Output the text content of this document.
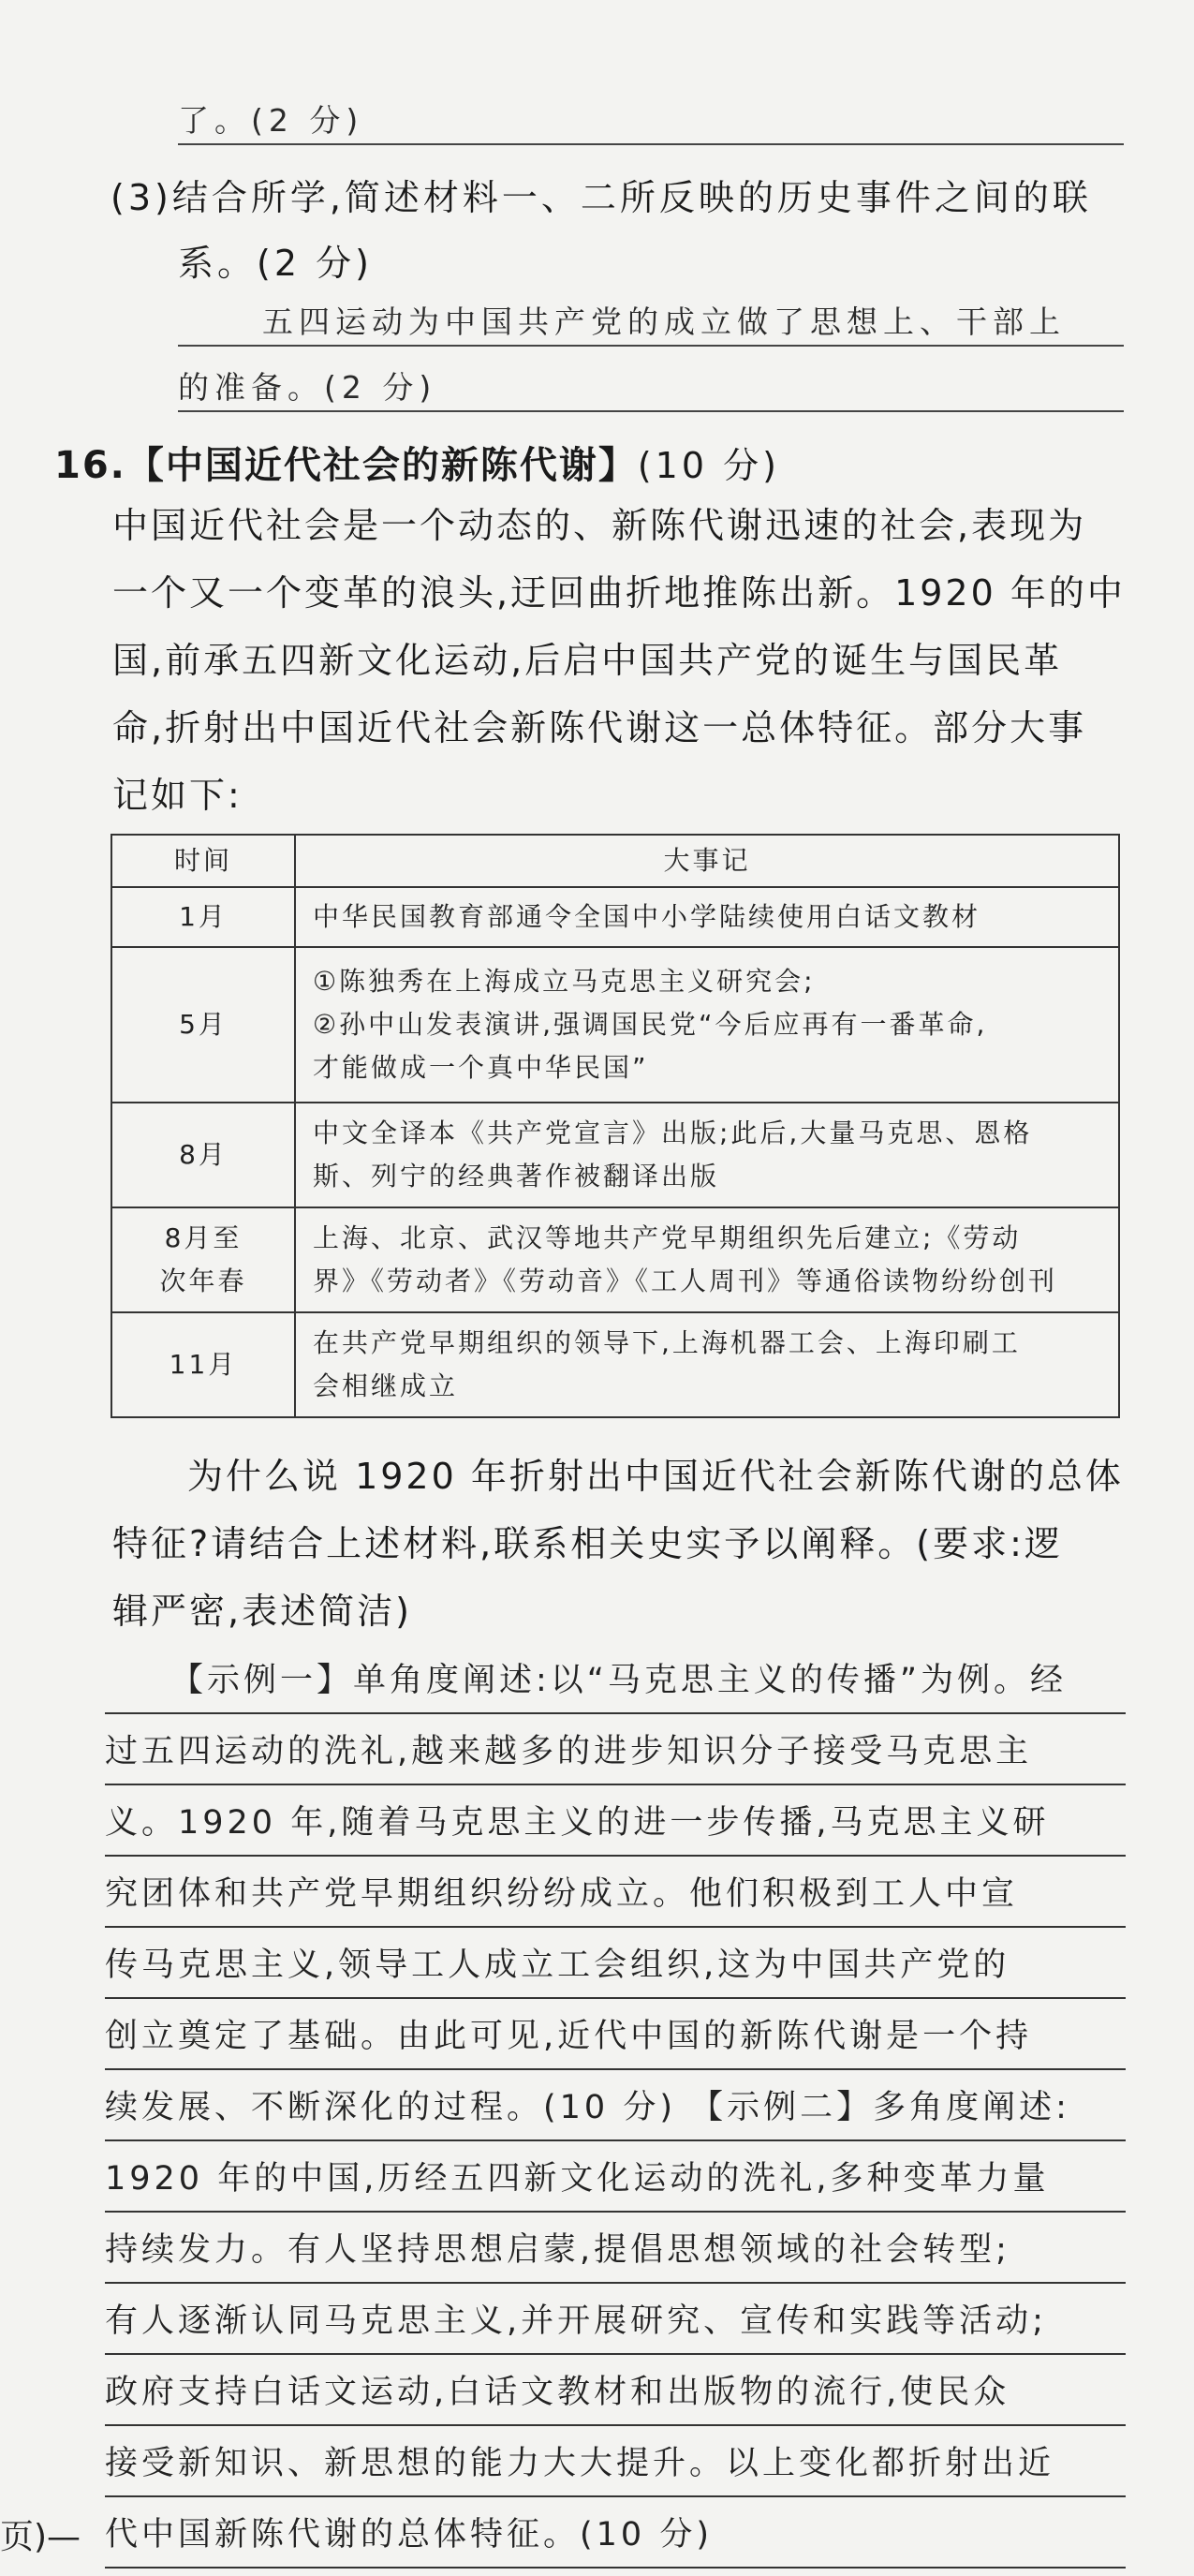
了。(2 分)
(3)结合所学,简述材料一、二所反映的历史事件之间的联
系。(2 分)
五四运动为中国共产党的成立做了思想上、干部上
的准备。(2 分)
16.【中国近代社会的新陈代谢】(10 分)
中国近代社会是一个动态的、新陈代谢迅速的社会,表现为
一个又一个变革的浪头,迂回曲折地推陈出新。1920 年的中
国,前承五四新文化运动,后启中国共产党的诞生与国民革
命,折射出中国近代社会新陈代谢这一总体特征。部分大事
记如下:
时间	大事记
1月	中华民国教育部通令全国中小学陆续使用白话文教材

5月	①陈独秀在上海成立马克思主义研究会;
②孙中山发表演讲,强调国民党“今后应再有一番革命,
才能做成一个真中华民国”

8月	中文全译本《共产党宣言》出版;此后,大量马克思、恩格
斯、列宁的经典著作被翻译出版

8月至
次年春	上海、北京、武汉等地共产党早期组织先后建立;《劳动
界》《劳动者》《劳动音》《工人周刊》等通俗读物纷纷创刊

11月	在共产党早期组织的领导下,上海机器工会、上海印刷工
会相继成立
为什么说 1920 年折射出中国近代社会新陈代谢的总体
特征?请结合上述材料,联系相关史实予以阐释。(要求:逻
辑严密,表述简洁)
【示例一】单角度阐述:以“马克思主义的传播”为例。经
过五四运动的洗礼,越来越多的进步知识分子接受马克思主
义。1920 年,随着马克思主义的进一步传播,马克思主义研
究团体和共产党早期组织纷纷成立。他们积极到工人中宣
传马克思主义,领导工人成立工会组织,这为中国共产党的
创立奠定了基础。由此可见,近代中国的新陈代谢是一个持
续发展、不断深化的过程。(10 分) 【示例二】多角度阐述:
1920 年的中国,历经五四新文化运动的洗礼,多种变革力量
持续发力。有人坚持思想启蒙,提倡思想领域的社会转型;
有人逐渐认同马克思主义,并开展研究、宣传和实践等活动;
政府支持白话文运动,白话文教材和出版物的流行,使民众
接受新知识、新思想的能力大大提升。以上变化都折射出近
代中国新陈代谢的总体特征。(10 分)
页)—
